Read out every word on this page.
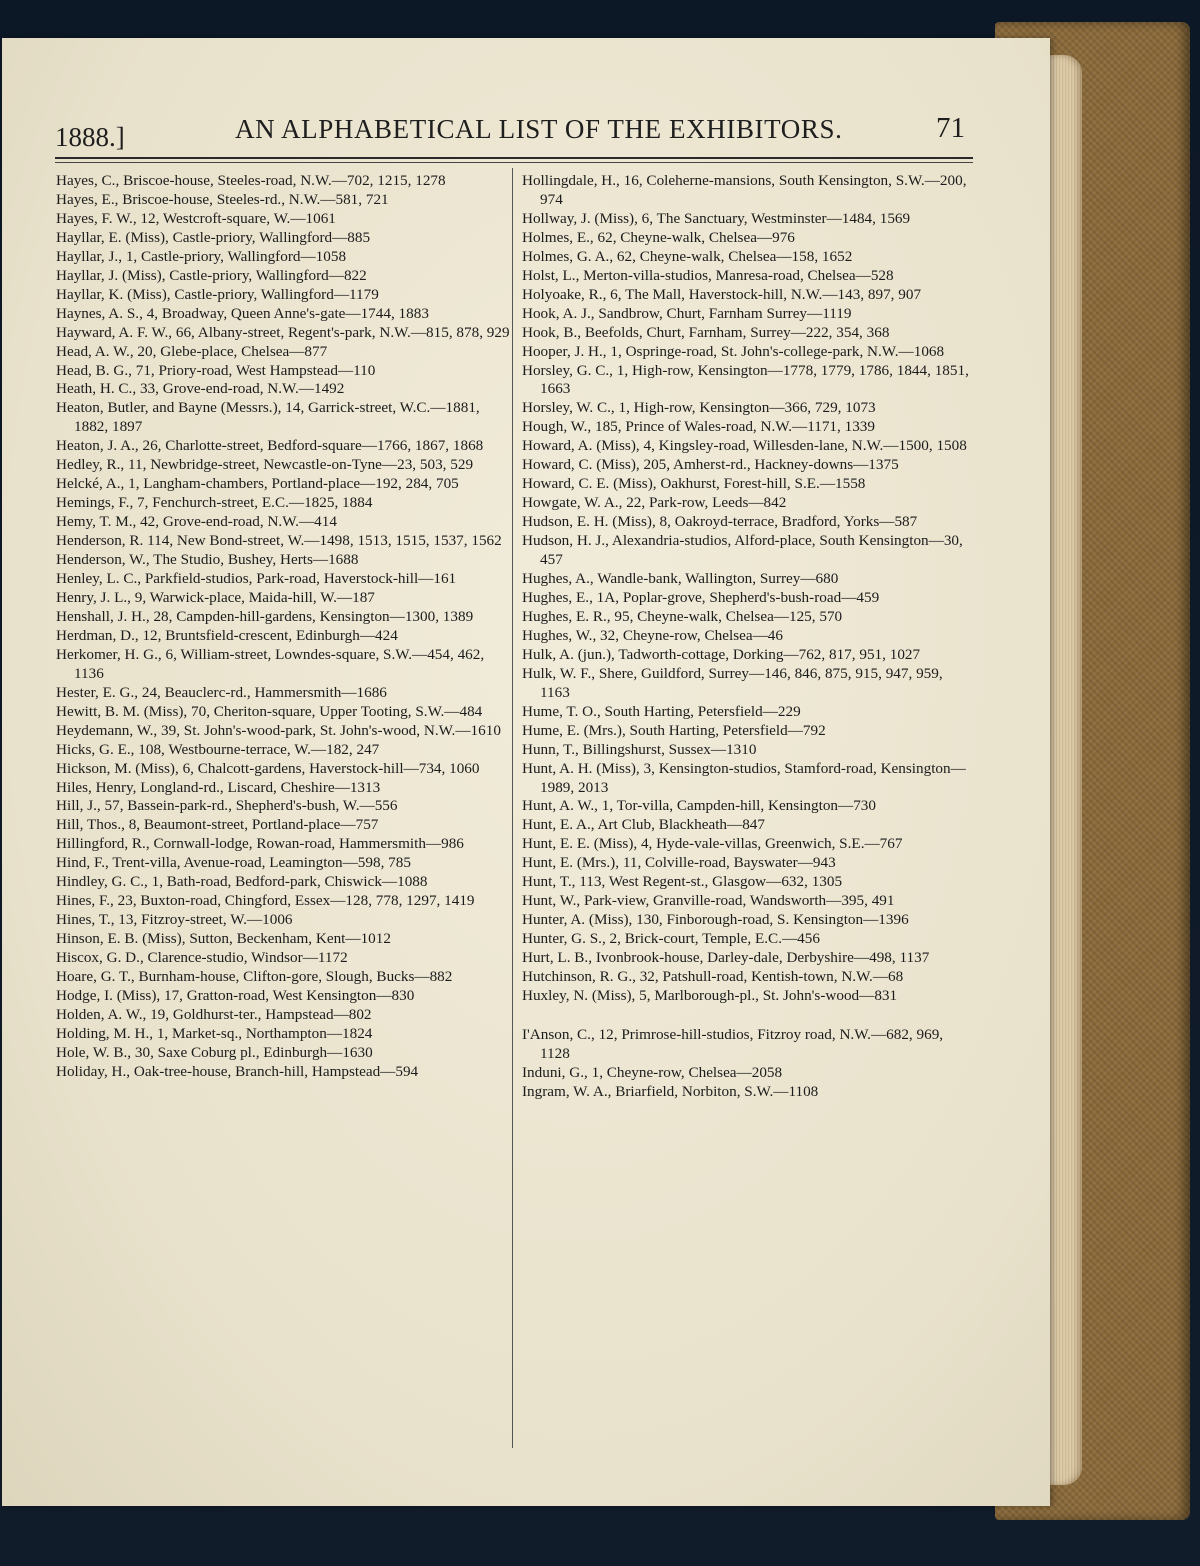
1888.]	AN ALPHABETICAL LIST OF THE EXHIBITORS.	71

Hayes, C., Briscoe-house, Steeles-road, N.W.—702, 1215, 1278

Hayes, E., Briscoe-house, Steeles-rd., N.W.—581, 721

Hayes, F. W., 12, Westcroft-square, W.—1061

Hayllar, E. (Miss), Castle-priory, Wallingford—885

Hayllar, J., 1, Castle-priory, Wallingford—1058

Hayllar, J. (Miss), Castle-priory, Wallingford—822

Hayllar, K. (Miss), Castle-priory, Wallingford—1179

Haynes, A. S., 4, Broadway, Queen Anne's-gate—1744, 1883

Hayward, A. F. W., 66, Albany-street, Regent's-park, N.W.—815, 878, 929

Head, A. W., 20, Glebe-place, Chelsea—877

Head, B. G., 71, Priory-road, West Hampstead—110

Heath, H. C., 33, Grove-end-road, N.W.—1492

Heaton, Butler, and Bayne (Messrs.), 14, Garrick-street, W.C.—1881, 1882, 1897

Heaton, J. A., 26, Charlotte-street, Bedford-square—1766, 1867, 1868

Hedley, R., 11, Newbridge-street, Newcastle-on-Tyne—23, 503, 529

Helcké, A., 1, Langham-chambers, Portland-place—192, 284, 705

Hemings, F., 7, Fenchurch-street, E.C.—1825, 1884

Hemy, T. M., 42, Grove-end-road, N.W.—414

Henderson, R. 114, New Bond-street, W.—1498, 1513, 1515, 1537, 1562

Henderson, W., The Studio, Bushey, Herts—1688

Henley, L. C., Parkfield-studios, Park-road, Haverstock-hill—161

Henry, J. L., 9, Warwick-place, Maida-hill, W.—187

Henshall, J. H., 28, Campden-hill-gardens, Kensington—1300, 1389

Herdman, D., 12, Bruntsfield-crescent, Edinburgh—424

Herkomer, H. G., 6, William-street, Lowndes-square, S.W.—454, 462, 1136

Hester, E. G., 24, Beauclerc-rd., Hammersmith—1686

Hewitt, B. M. (Miss), 70, Cheriton-square, Upper Tooting, S.W.—484

Heydemann, W., 39, St. John's-wood-park, St. John's-wood, N.W.—1610

Hicks, G. E., 108, Westbourne-terrace, W.—182, 247

Hickson, M. (Miss), 6, Chalcott-gardens, Haverstock-hill—734, 1060

Hiles, Henry, Longland-rd., Liscard, Cheshire—1313

Hill, J., 57, Bassein-park-rd., Shepherd's-bush, W.—556

Hill, Thos., 8, Beaumont-street, Portland-place—757

Hillingford, R., Cornwall-lodge, Rowan-road, Hammersmith—986

Hind, F., Trent-villa, Avenue-road, Leamington—598, 785

Hindley, G. C., 1, Bath-road, Bedford-park, Chiswick—1088

Hines, F., 23, Buxton-road, Chingford, Essex—128, 778, 1297, 1419

Hines, T., 13, Fitzroy-street, W.—1006

Hinson, E. B. (Miss), Sutton, Beckenham, Kent—1012

Hiscox, G. D., Clarence-studio, Windsor—1172

Hoare, G. T., Burnham-house, Clifton-gore, Slough, Bucks—882

Hodge, I. (Miss), 17, Gratton-road, West Kensington—830

Holden, A. W., 19, Goldhurst-ter., Hampstead—802

Holding, M. H., 1, Market-sq., Northampton—1824

Hole, W. B., 30, Saxe Coburg pl., Edinburgh—1630

Holiday, H., Oak-tree-house, Branch-hill, Hampstead—594

Hollingdale, H., 16, Coleherne-mansions, South Kensington, S.W.—200, 974

Hollway, J. (Miss), 6, The Sanctuary, Westminster—1484, 1569

Holmes, E., 62, Cheyne-walk, Chelsea—976

Holmes, G. A., 62, Cheyne-walk, Chelsea—158, 1652

Holst, L., Merton-villa-studios, Manresa-road, Chelsea—528

Holyoake, R., 6, The Mall, Haverstock-hill, N.W.—143, 897, 907

Hook, A. J., Sandbrow, Churt, Farnham Surrey—1119

Hook, B., Beefolds, Churt, Farnham, Surrey—222, 354, 368

Hooper, J. H., 1, Ospringe-road, St. John's-college-park, N.W.—1068

Horsley, G. C., 1, High-row, Kensington—1778, 1779, 1786, 1844, 1851, 1663

Horsley, W. C., 1, High-row, Kensington—366, 729, 1073

Hough, W., 185, Prince of Wales-road, N.W.—1171, 1339

Howard, A. (Miss), 4, Kingsley-road, Willesden-lane, N.W.—1500, 1508

Howard, C. (Miss), 205, Amherst-rd., Hackney-downs—1375

Howard, C. E. (Miss), Oakhurst, Forest-hill, S.E.—1558

Howgate, W. A., 22, Park-row, Leeds—842

Hudson, E. H. (Miss), 8, Oakroyd-terrace, Bradford, Yorks—587

Hudson, H. J., Alexandria-studios, Alford-place, South Kensington—30, 457

Hughes, A., Wandle-bank, Wallington, Surrey—680

Hughes, E., 1A, Poplar-grove, Shepherd's-bush-road—459

Hughes, E. R., 95, Cheyne-walk, Chelsea—125, 570

Hughes, W., 32, Cheyne-row, Chelsea—46

Hulk, A. (jun.), Tadworth-cottage, Dorking—762, 817, 951, 1027

Hulk, W. F., Shere, Guildford, Surrey—146, 846, 875, 915, 947, 959, 1163

Hume, T. O., South Harting, Petersfield—229

Hume, E. (Mrs.), South Harting, Petersfield—792

Hunn, T., Billingshurst, Sussex—1310

Hunt, A. H. (Miss), 3, Kensington-studios, Stamford-road, Kensington—1989, 2013

Hunt, A. W., 1, Tor-villa, Campden-hill, Kensington—730

Hunt, E. A., Art Club, Blackheath—847

Hunt, E. E. (Miss), 4, Hyde-vale-villas, Greenwich, S.E.—767

Hunt, E. (Mrs.), 11, Colville-road, Bayswater—943

Hunt, T., 113, West Regent-st., Glasgow—632, 1305

Hunt, W., Park-view, Granville-road, Wandsworth—395, 491

Hunter, A. (Miss), 130, Finborough-road, S. Kensington—1396

Hunter, G. S., 2, Brick-court, Temple, E.C.—456

Hurt, L. B., Ivonbrook-house, Darley-dale, Derbyshire—498, 1137

Hutchinson, R. G., 32, Patshull-road, Kentish-town, N.W.—68

Huxley, N. (Miss), 5, Marlborough-pl., St. John's-wood—831

I'Anson, C., 12, Primrose-hill-studios, Fitzroy road, N.W.—682, 969, 1128

Induni, G., 1, Cheyne-row, Chelsea—2058

Ingram, W. A., Briarfield, Norbiton, S.W.—1108
